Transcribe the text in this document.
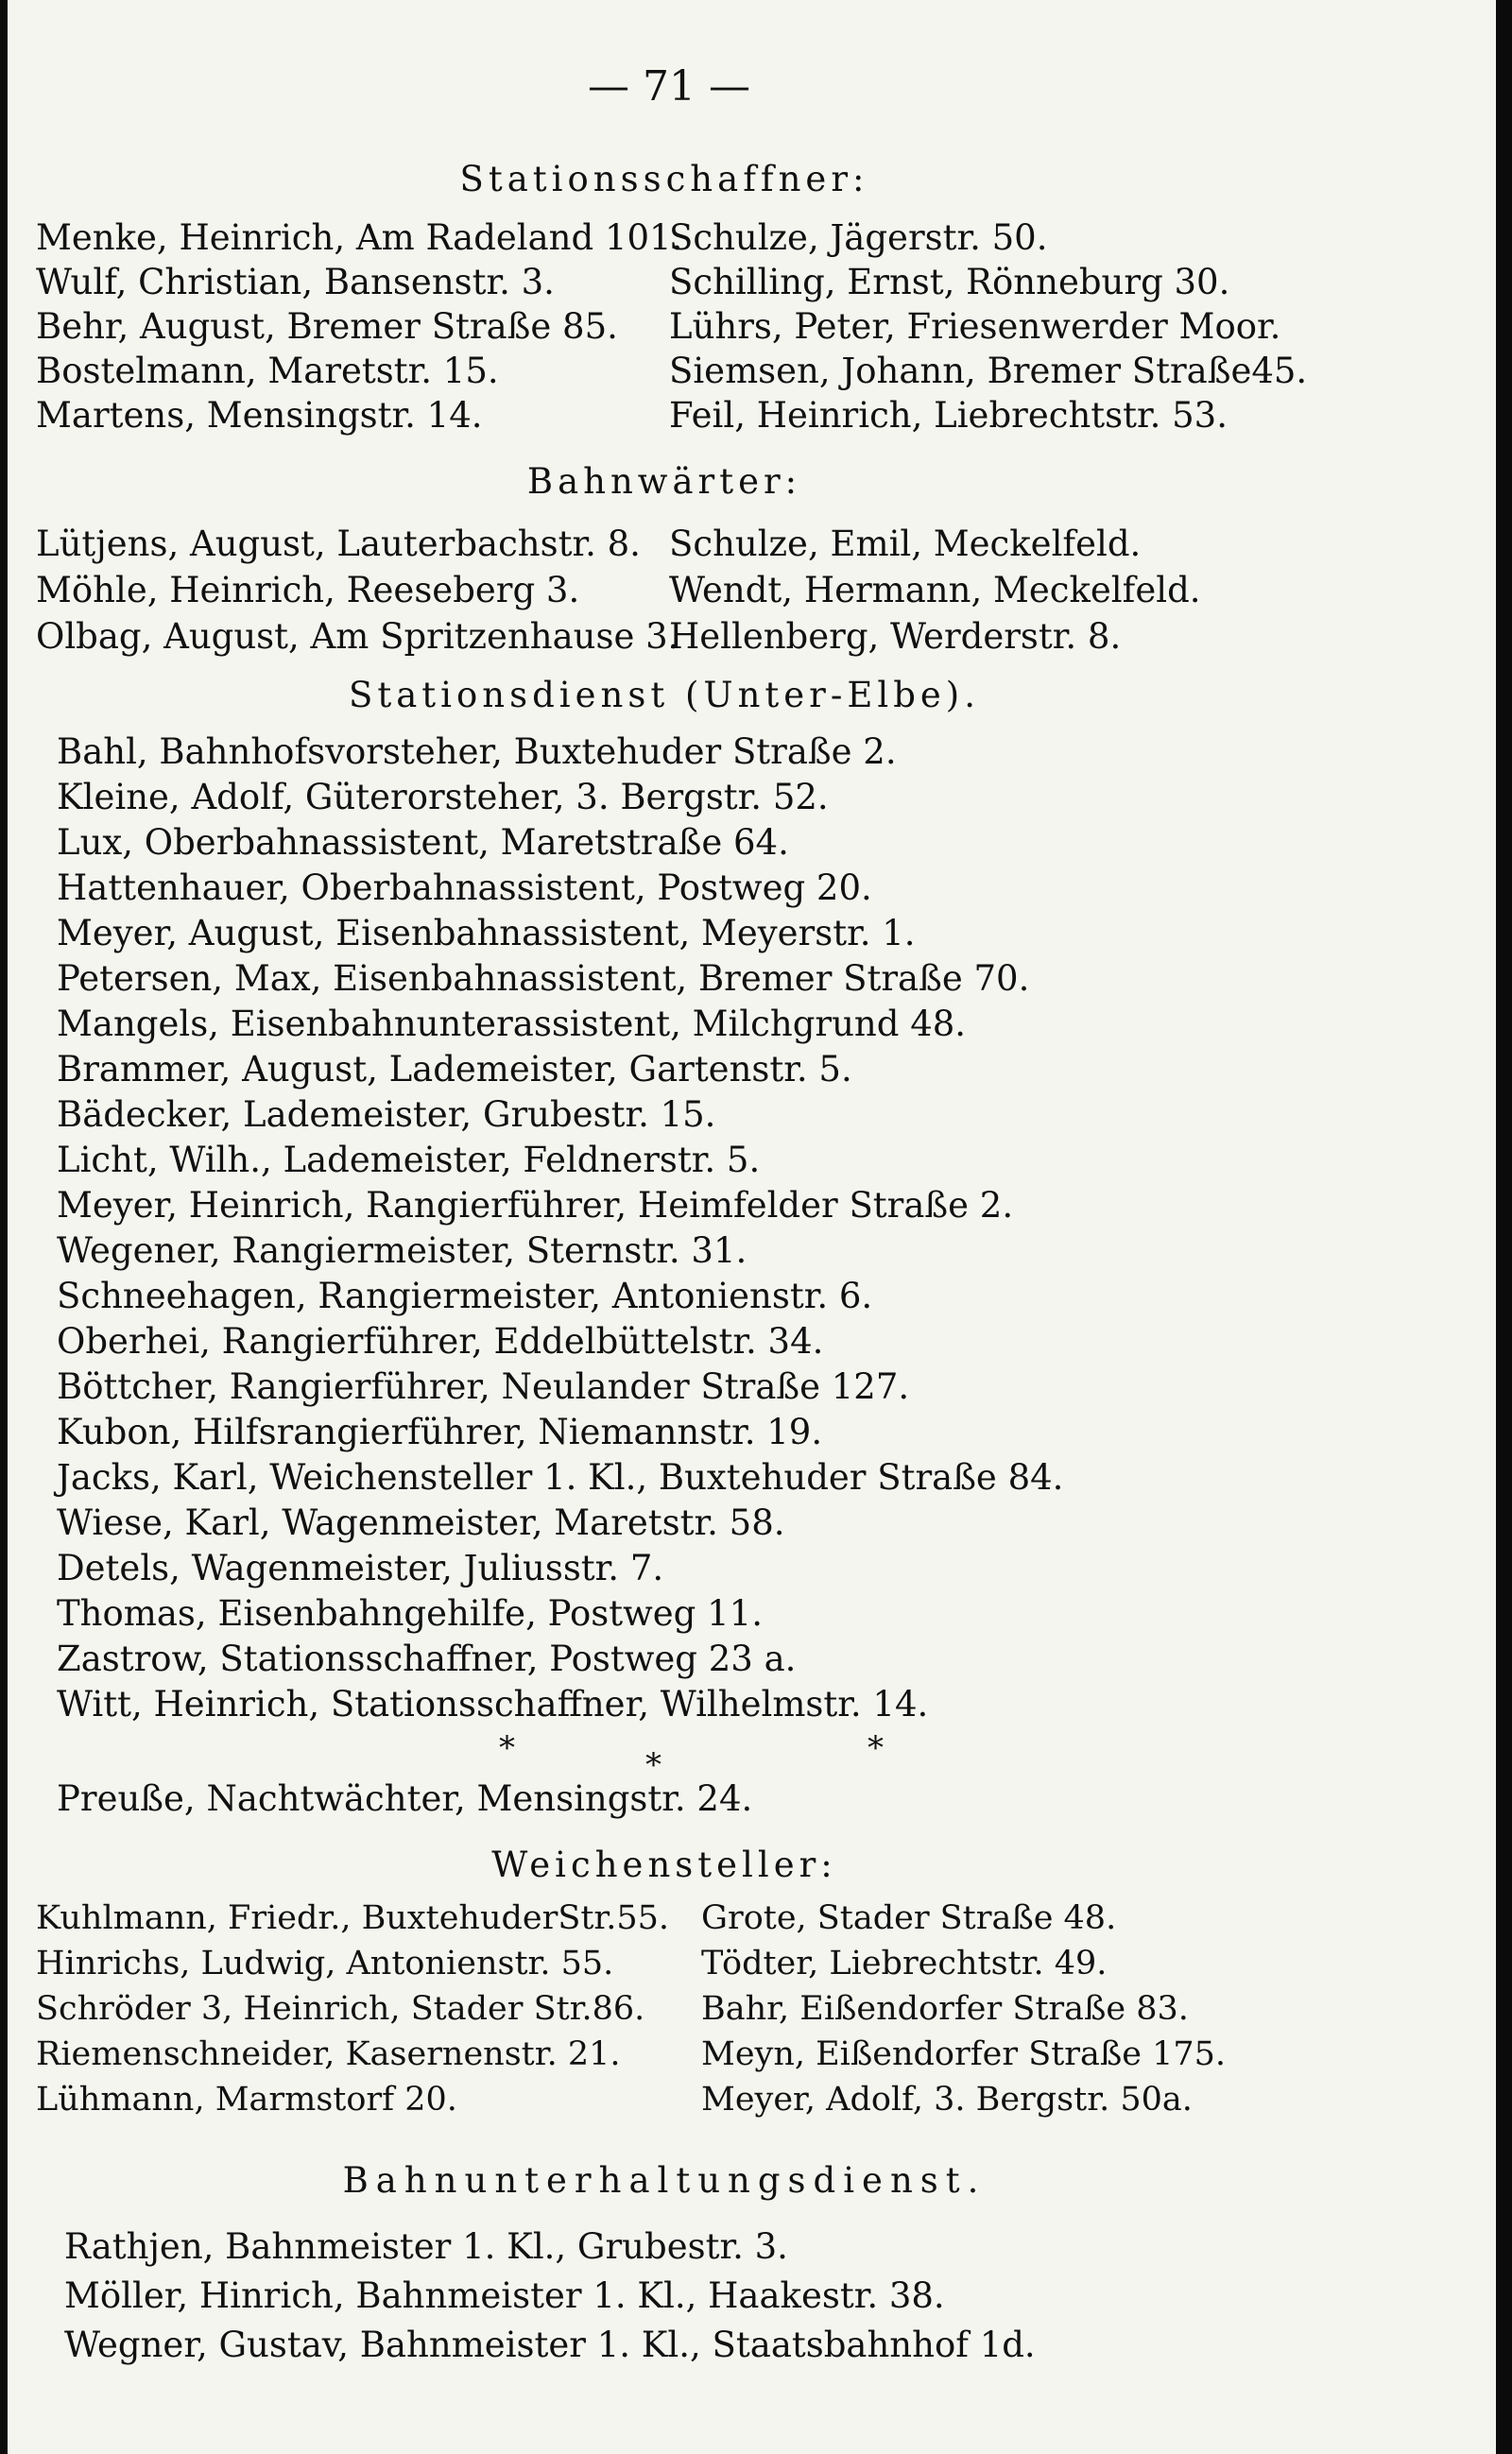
— 71 —
Stationsschaffner:
Menke, Heinrich, Am Radeland 101.
Wulf, Christian, Bansenstr. 3.
Behr, August, Bremer Straße 85.
Bostelmann, Maretstr. 15.
Martens, Mensingstr. 14.
Schulze, Jägerstr. 50.
Schilling, Ernst, Rönneburg 30.
Lührs, Peter, Friesenwerder Moor.
Siemsen, Johann, Bremer Straße45.
Feil, Heinrich, Liebrechtstr. 53.
Bahnwärter:
Lütjens, August, Lauterbachstr. 8.
Möhle, Heinrich, Reeseberg 3.
Olbag, August, Am Spritzenhause 3.
Schulze, Emil, Meckelfeld.
Wendt, Hermann, Meckelfeld.
Hellenberg, Werderstr. 8.
Stationsdienst (Unter-Elbe).
Bahl, Bahnhofsvorsteher, Buxtehuder Straße 2.
Kleine, Adolf, Güterorsteher, 3. Bergstr. 52.
Lux, Oberbahnassistent, Maretstraße 64.
Hattenhauer, Oberbahnassistent, Postweg 20.
Meyer, August, Eisenbahnassistent, Meyerstr. 1.
Petersen, Max, Eisenbahnassistent, Bremer Straße 70.
Mangels, Eisenbahnunterassistent, Milchgrund 48.
Brammer, August, Lademeister, Gartenstr. 5.
Bädecker, Lademeister, Grubestr. 15.
Licht, Wilh., Lademeister, Feldnerstr. 5.
Meyer, Heinrich, Rangierführer, Heimfelder Straße 2.
Wegener, Rangiermeister, Sternstr. 31.
Schneehagen, Rangiermeister, Antonienstr. 6.
Oberhei, Rangierführer, Eddelbüttelstr. 34.
Böttcher, Rangierführer, Neulander Straße 127.
Kubon, Hilfsrangierführer, Niemannstr. 19.
Jacks, Karl, Weichensteller 1. Kl., Buxtehuder Straße 84.
Wiese, Karl, Wagenmeister, Maretstr. 58.
Detels, Wagenmeister, Juliusstr. 7.
Thomas, Eisenbahngehilfe, Postweg 11.
Zastrow, Stationsschaffner, Postweg 23 a.
Witt, Heinrich, Stationsschaffner, Wilhelmstr. 14.
*	*	*
Preuße, Nachtwächter, Mensingstr. 24.
Weichensteller:
Kuhlmann, Friedr., BuxtehuderStr.55.
Hinrichs, Ludwig, Antonienstr. 55.
Schröder 3, Heinrich, Stader Str.86.
Riemenschneider, Kasernenstr. 21.
Lühmann, Marmstorf 20.
Grote, Stader Straße 48.
Tödter, Liebrechtstr. 49.
Bahr, Eißendorfer Straße 83.
Meyn, Eißendorfer Straße 175.
Meyer, Adolf, 3. Bergstr. 50a.
Bahnunterhaltungsdienst.
Rathjen, Bahnmeister 1. Kl., Grubestr. 3.
Möller, Hinrich, Bahnmeister 1. Kl., Haakestr. 38.
Wegner, Gustav, Bahnmeister 1. Kl., Staatsbahnhof 1d.
